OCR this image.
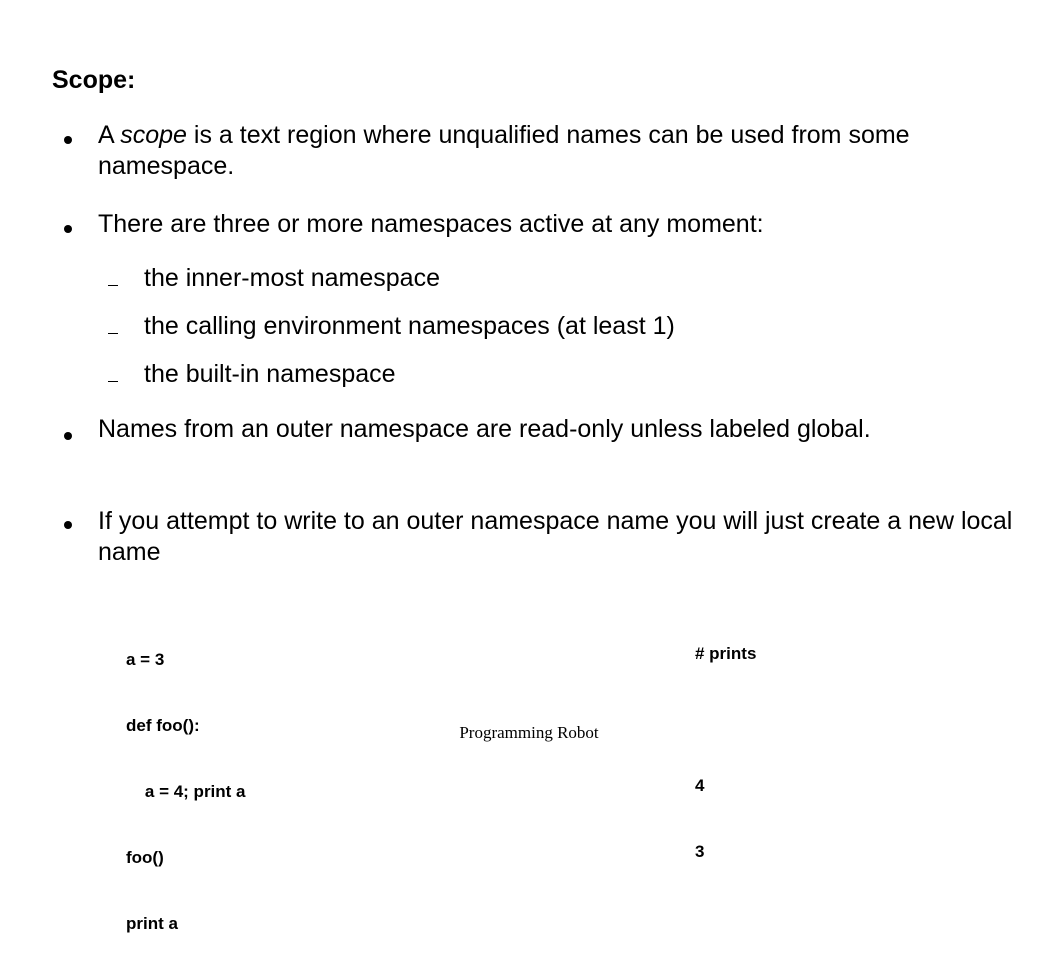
Scope:
A scope is a text region where unqualified names can be used from some namespace.
There are three or more namespaces active at any moment:
the inner-most namespace
the calling environment namespaces (at least 1)
the built-in namespace
Names from an outer namespace are read-only unless labeled global.
If you attempt to write to an outer namespace name you will just create a new local name

a = 3

def foo():

a = 4; print a

foo()

print a

# prints

4

3

Programming Robot
